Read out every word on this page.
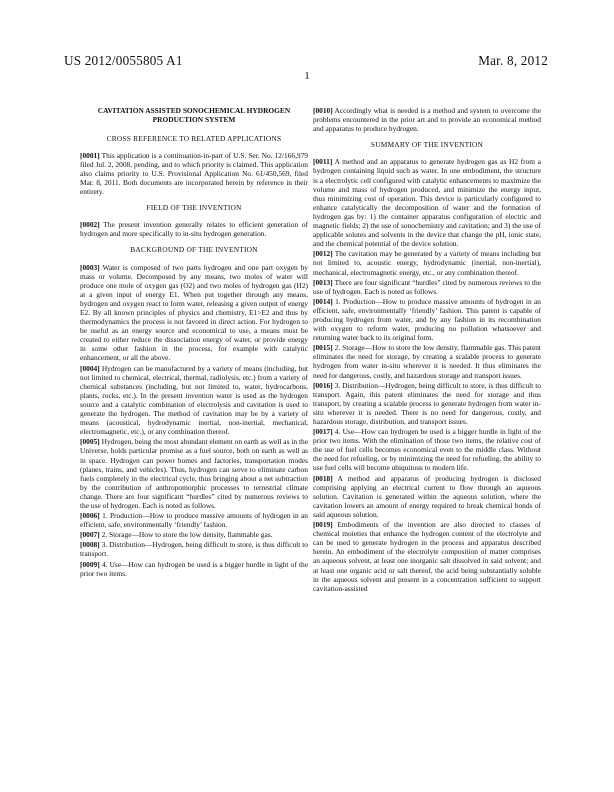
US 2012/0055805 A1	Mar. 8, 2012
1
CAVITATION ASSISTED SONOCHEMICAL HYDROGEN PRODUCTION SYSTEM
CROSS REFERENCE TO RELATED APPLICATIONS

[0001] This application is a continuation-in-part of U.S. Ser. No. 12/166,979 filed Jul. 2, 2008, pending, and to which priority is claimed. This application also claims priority to U.S. Provisional Application No. 61/450,569, filed Mar. 8, 2011. Both documents are incorporated herein by reference in their entirety.

FIELD OF THE INVENTION

[0002] The present invention generally relates to efficient generation of hydrogen and more specifically to in-situ hydrogen generation.

BACKGROUND OF THE INVENTION

[0003] Water is composed of two parts hydrogen and one part oxygen by mass or volume. Decomposed by any means, two moles of water will produce one mole of oxygen gas (O2) and two moles of hydrogen gas (H2) at a given input of energy E1. When put together through any means, hydrogen and oxygen react to form water, releasing a given output of energy E2. By all known principles of physics and chemistry, E1>E2 and thus by thermodynamics the process is not favored in direct action. For hydrogen to be useful as an energy source and economical to use, a means must be created to either reduce the dissociation energy of water, or provide energy in some other fashion in the process, for example with catalytic enhancement, or all the above.

[0004] Hydrogen can be manufactured by a variety of means (including, but not limited to chemical, electrical, thermal, radiolysis, etc.) from a variety of chemical substances (including, but not limited to, water, hydrocarbons, plants, rocks, etc.). In the present invention water is used as the hydrogen source and a catalytic combination of electrolysis and cavitation is used to generate the hydrogen. The method of cavitation may be by a variety of means (acoustical, hydrodynamic inertial, non-inertial, mechanical, electromagnetic, etc.), or any combination thereof.

[0005] Hydrogen, being the most abundant element on earth as well as in the Universe, holds particular promise as a fuel source, both on earth as well as in space. Hydrogen can power homes and factories, transportation modes (planes, trains, and vehicles). Thus, hydrogen can serve to eliminate carbon fuels completely in the electrical cycle, thus bringing about a net subtraction by the contribution of anthropomorphic processes to terrestrial climate change. There are four significant “hurdles” cited by numerous reviews to the use of hydrogen. Each is noted as follows.

[0006] 1. Production—How to produce massive amounts of hydrogen in an efficient, safe, environmentally ‘friendly’ fashion.

[0007] 2. Storage—How to store the low density, flammable gas.

[0008] 3. Distribution—Hydrogen, being difficult to store, is thus difficult to transport.

[0009] 4. Use—How can hydrogen be used is a bigger hurdle in light of the prior two items.

[0010] Accordingly what is needed is a method and system to overcome the problems encountered in the prior art and to provide an economical method and apparatus to produce hydrogen.

SUMMARY OF THE INVENTION

[0011] A method and an apparatus to generate hydrogen gas as H2 from a hydrogen containing liquid such as water. In one embodiment, the structure is a electrolytic cell configured with catalytic enhancements to maximize the volume and mass of hydrogen produced, and minimize the energy input, thus minimizing cost of operation. This device is particularly configured to enhance catalytically the decomposition of water and the formation of hydrogen gas by: 1) the container apparatus configuration of electric and magnetic fields; 2) the use of sonochemistry and cavitation; and 3) the use of applicable solutes and solvents in the device that change the pH, ionic state, and the chemical potential of the device solution.

[0012] The cavitation may be generated by a variety of means including but not limited to, acoustic energy, hydrodynamic (inertial, non-inertial), mechanical, electromagnetic energy, etc., or any combination thereof.

[0013] There are four significant “hurdles” cited by numerous reviews to the use of hydrogen. Each is noted as follows.

[0014] 1. Production—How to produce massive amounts of hydrogen in an efficient, safe, environmentally ‘friendly’ fashion. This patent is capable of producing hydrogen from water, and by any fashion in its recombination with oxygen to reform water, producing no pollution whatsoever and returning water back to its original form.

[0015] 2. Storage—How to store the low density, flammable gas. This patent eliminates the need for storage, by creating a scalable process to generate hydrogen from water in-situ wherever it is needed. It thus eliminates the need for dangerous, costly, and hazardous storage and transport issues.

[0016] 3. Distribution—Hydrogen, being difficult to store, is thus difficult to transport. Again, this patent eliminates the need for storage and thus transport, by creating a scalable process to generate hydrogen from water in-situ wherever it is needed. There is no need for dangerous, costly, and hazardous storage, distribution, and transport issues.

[0017] 4. Use—How can hydrogen be used is a bigger hurdle in light of the prior two items. With the elimination of those two items, the relative cost of the use of fuel cells becomes economical even to the middle class. Without the need for refueling, or by minimizing the need for refueling, the ability to use fuel cells will become ubiquitous to modern life.

[0018] A method and apparatus of producing hydrogen is disclosed comprising applying an electrical current to flow through an aqueous solution. Cavitation is generated within the aqueous solution, where the cavitation lowers an amount of energy required to break chemical bonds of said aqueous solution.

[0019] Embodiments of the invention are also directed to classes of chemical moieties that enhance the hydrogen content of the electrolyte and can be used to generate hydrogen in the process and apparatus described herein. An embodiment of the electrolyte composition of matter comprises an aqueous solvent, at least one inorganic salt dissolved in said solvent; and at least one organic acid or salt thereof, the acid being substantially soluble in the aqueous solvent and present in a concentration sufficient to support cavitation-assisted
